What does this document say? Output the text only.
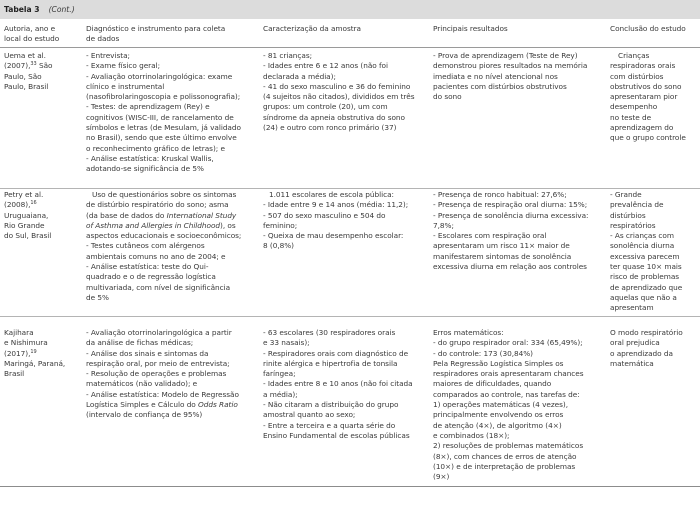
Tabela 3 (Cont.)
Autoria, ano e
local do estudo
Diagnóstico e instrumento para coleta
de dados
Caracterização da amostra	Principais resultados	Conclusão do estudo
Uema et al.
(2007),$^{33}$ São
Paulo, São
Paulo, Brasil
- Entrevista;
- Exame físico geral;
- Avaliação otorrinolaringológica: exame
clínico e instrumental
(nasofibrolaringoscopia e polissonografia);
- Testes: de aprendizagem (Rey) e
cognitivos (WISC-III, de rancelamento de
símbolos e letras (de Mesulam, já validado
no Brasil), sendo que este último envolve
o reconhecimento gráfico de letras); e
- Análise estatística: Kruskal Wallis,
adotando-se significância de 5%
- 81 crianças;
- Idades entre 6 e 12 anos (não foi
declarada a média);
- 41 do sexo masculino e 36 do feminino
(4 sujeitos não citados), divididos em três
grupos: um controle (20), um com
síndrome da apneia obstrutiva do sono
(24) e outro com ronco primário (37)
- Prova de aprendizagem (Teste de Rey)
demonstrou piores resultados na memória
imediata e no nível atencional nos
pacientes com distúrbios obstrutivos
do sono
Crianças
respiradoras orais
com distúrbios
obstrutivos do sono
apresentaram pior
desempenho
no teste de
aprendizagem do
que o grupo controle
Petry et al.
(2008),$^{16}$
Uruguaiana,
Rio Grande
do Sul, Brasil
Uso de questionários sobre os sintomas
de distúrbio respiratório do sono; asma
(da base de dados do International Study
of Asthma and Allergies in Childhood), os
aspectos educacionais e socioeconômicos;
- Testes cutâneos com alérgenos
ambientais comuns no ano de 2004; e
- Análise estatística: teste do Qui-
quadrado e o de regressão logística
multivariada, com nível de significância
de 5%
1.011 escolares de escola pública:
- Idade entre 9 e 14 anos (média: 11,2);
- 507 do sexo masculino e 504 do
feminino;
- Queixa de mau desempenho escolar:
8 (0,8%)
- Presença de ronco habitual: 27,6%;
- Presença de respiração oral diurna: 15%;
- Presença de sonolência diurna excessiva:
7,8%;
- Escolares com respiração oral
apresentaram um risco 11× maior de
manifestarem sintomas de sonolência
excessiva diurna em relação aos controles
- Grande
prevalência de
distúrbios
respiratórios
- As crianças com
sonolência diurna
excessiva parecem
ter quase 10× mais
risco de problemas
de aprendizado que
aquelas que não a
apresentam
Kajihara
e Nishimura
(2017),$^{19}$
Maringá, Paraná,
Brasil
- Avaliação otorrinolaringológica a partir
da análise de fichas médicas;
- Análise dos sinais e sintomas da
respiração oral, por meio de entrevista;
- Resolução de operações e problemas
matemáticos (não validado); e
- Análise estatística: Modelo de Regressão
Logística Simples e Cálculo do Odds Ratio
(intervalo de confiança de 95%)
- 63 escolares (30 respiradores orais
e 33 nasais);
- Respiradores orais com diagnóstico de
rinite alérgica e hipertrofia de tonsila
faríngea;
- Idades entre 8 e 10 anos (não foi citada
a média);
- Não citaram a distribuição do grupo
amostral quanto ao sexo;
- Entre a terceira e a quarta série do
Ensino Fundamental de escolas públicas
Erros matemáticos:
- do grupo respirador oral: 334 (65,49%);
- do controle: 173 (30,84%)
Pela Regressão Logística Simples os
respiradores orais apresentaram chances
maiores de dificuldades, quando
comparados ao controle, nas tarefas de:
1) operações matemáticas (4 vezes),
principalmente envolvendo os erros
de atenção (4×), de algoritmo (4×)
e combinados (18×);
2) resoluções de problemas matemáticos
(8×), com chances de erros de atenção
(10×) e de interpretação de problemas
(9×)
O modo respiratório
oral prejudica
o aprendizado da
matemática
